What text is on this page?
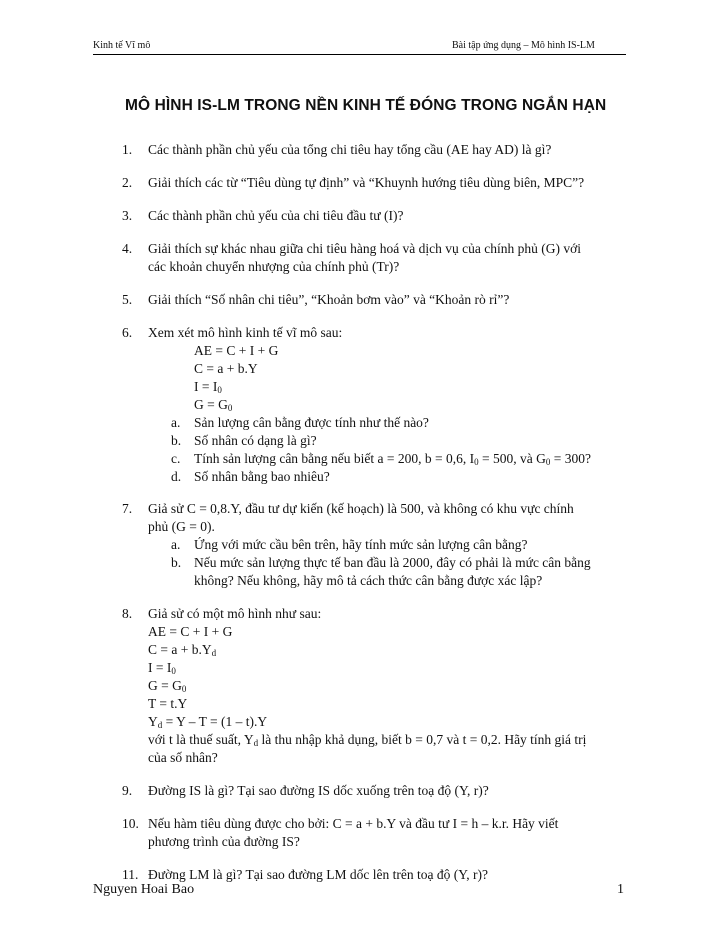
Kinh tế Vĩ mô	Bài tập ứng dụng – Mô hình IS-LM
MÔ HÌNH IS-LM TRONG NỀN KINH TẾ ĐÓNG TRONG NGẮN HẠN
1. Các thành phần chủ yếu của tổng chi tiêu hay tổng cầu (AE hay AD) là gì?
2. Giải thích các từ “Tiêu dùng tự định” và “Khuynh hướng tiêu dùng biên, MPC”?
3. Các thành phần chủ yếu của chi tiêu đầu tư (I)?
4. Giải thích sự khác nhau giữa chi tiêu hàng hoá và dịch vụ của chính phủ (G) với
các khoản chuyển nhượng của chính phủ (Tr)?
5. Giải thích “Số nhân chi tiêu”, “Khoản bơm vào” và “Khoản rò rỉ”?
6. Xem xét mô hình kinh tế vĩ mô sau:
AE = C + I + G
C = a + b.Y
$I = I_0$
$G = G_0$
a. Sản lượng cân bằng được tính như thế nào?
b. Số nhân có dạng là gì?
c. Tính sản lượng cân bằng nếu biết a = 200, b = 0,6, $I_0 = 500$, và $G_0 = 300$?
d. Số nhân bằng bao nhiêu?
7. Giả sử C = 0,8.Y, đầu tư dự kiến (kế hoạch) là 500, và không có khu vực chính
phủ (G = 0).
a. Ứng với mức cầu bên trên, hãy tính mức sản lượng cân bằng?
b. Nếu mức sản lượng thực tế ban đầu là 2000, đây có phải là mức cân bằng
không? Nếu không, hãy mô tả cách thức cân bằng được xác lập?
8. Giả sử có một mô hình như sau:
AE = C + I + G
$C = a + b.Y_d$
$I = I_0$
$G = G_0$
T = t.Y
$Y_d = Y - T = (1 - t).Y$
với t là thuế suất, $Y_d$ là thu nhập khả dụng, biết b = 0,7 và t = 0,2. Hãy tính giá trị
của số nhân?
9. Đường IS là gì? Tại sao đường IS dốc xuống trên toạ độ (Y, r)?
10. Nếu hàm tiêu dùng được cho bởi: C = a + b.Y và đầu tư I = h – k.r. Hãy viết
phương trình của đường IS?
11. Đường LM là gì? Tại sao đường LM dốc lên trên toạ độ (Y, r)?
Nguyen Hoai Bao	1
